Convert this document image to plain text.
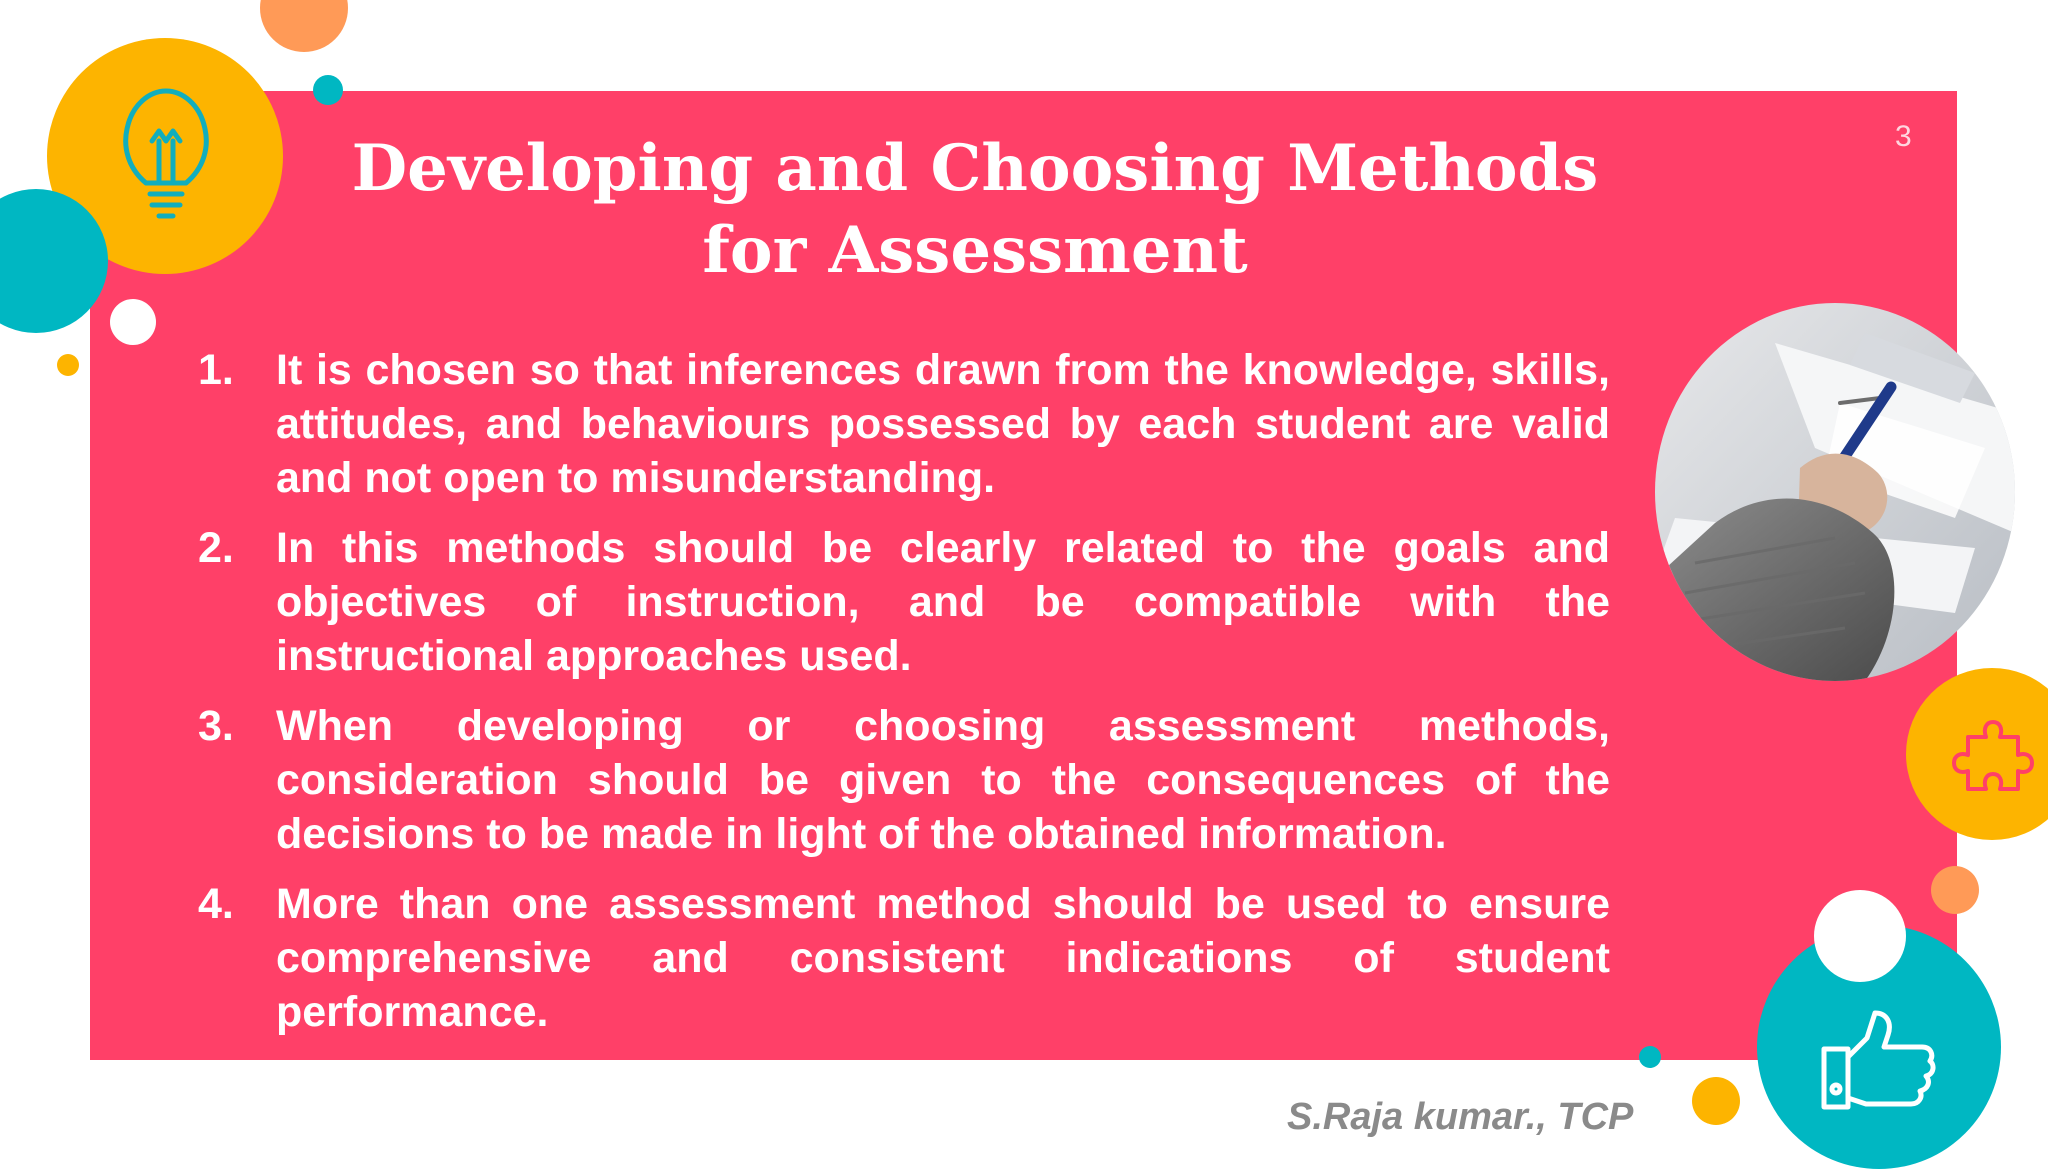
Developing and Choosing Methods for Assessment
3
1. It is chosen so that inferences drawn from the knowledge, skills, attitudes, and behaviours possessed by each student are valid and not open to misunderstanding.
2. In this methods should be clearly related to the goals and objectives of instruction, and be compatible with the instructional approaches used.
3. When developing or choosing assessment methods, consideration should be given to the consequences of the decisions to be made in light of the obtained information.
4. More than one assessment method should be used to ensure comprehensive and consistent indications of student performance.
S.Raja kumar., TCP
